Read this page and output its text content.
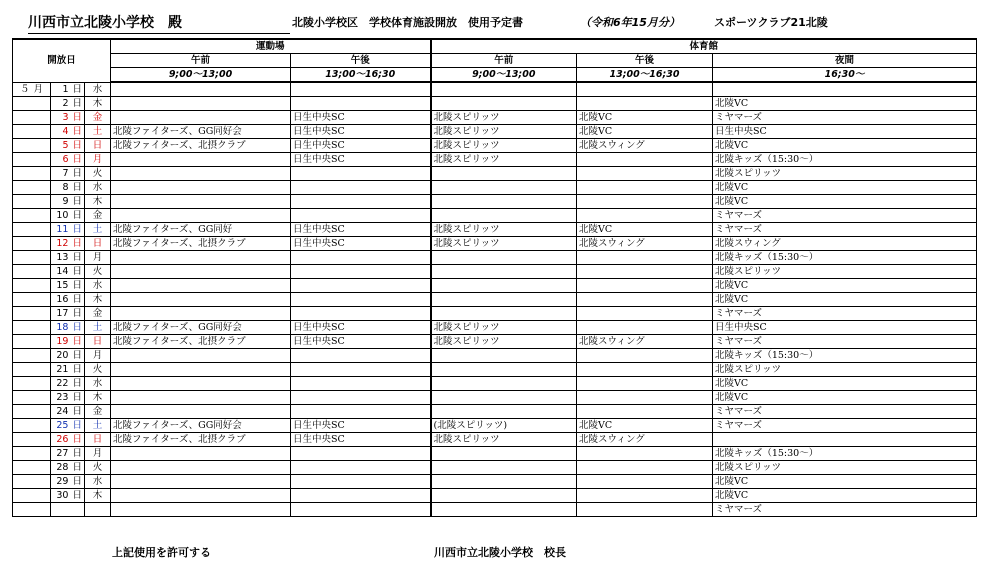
川西市立北陵小学校　殿	北陵小学校区　学校体育施設開放　使用予定書	（令和6年15月分）	スポーツクラブ21北陵
開放日			運動場		体育館		
			午前	午後	午前	午後	夜間
			9;00～13;00	13;00～16;30	9;00～13;00	13;00～16;30	16;30～
５ 月	1 日	水					
	2 日	木					北陵VC
	3 日	金		日生中央SC	北陵スピリッツ	北陵VC	ミヤマーズ
	4 日	土	北陵ファイターズ、GG同好会	日生中央SC	北陵スピリッツ	北陵VC	日生中央SC
	5 日	日	北陵ファイターズ、北摂クラブ	日生中央SC	北陵スピリッツ	北陵スウィング	北陵VC
	6 日	月		日生中央SC	北陵スピリッツ		北陵キッズ（15:30～）
	7 日	火					北陵スピリッツ
	8 日	水					北陵VC
	9 日	木					北陵VC
	10 日	金					ミヤマーズ
	11 日	土	北陵ファイターズ、GG同好	日生中央SC	北陵スピリッツ	北陵VC	ミヤマーズ
	12 日	日	北陵ファイターズ、北摂クラブ	日生中央SC	北陵スピリッツ	北陵スウィング	北陵スウィング
	13 日	月					北陵キッズ（15:30～）
	14 日	火					北陵スピリッツ
	15 日	水					北陵VC
	16 日	木					北陵VC
	17 日	金					ミヤマーズ
	18 日	土	北陵ファイターズ、GG同好会	日生中央SC	北陵スピリッツ		日生中央SC
	19 日	日	北陵ファイターズ、北摂クラブ	日生中央SC	北陵スピリッツ	北陵スウィング	ミヤマーズ
	20 日	月					北陵キッズ（15:30～）
	21 日	火					北陵スピリッツ
	22 日	水					北陵VC
	23 日	木					北陵VC
	24 日	金					ミヤマーズ
	25 日	土	北陵ファイターズ、GG同好会	日生中央SC	(北陵スピリッツ)	北陵VC	ミヤマーズ
	26 日	日	北陵ファイターズ、北摂クラブ	日生中央SC	北陵スピリッツ	北陵スウィング	
	27 日	月					北陵キッズ（15:30～）
	28 日	火					北陵スピリッツ
	29 日	水					北陵VC
	30 日	木					北陵VC
							ミヤマーズ
上記使用を許可する	川西市立北陵小学校　校長
